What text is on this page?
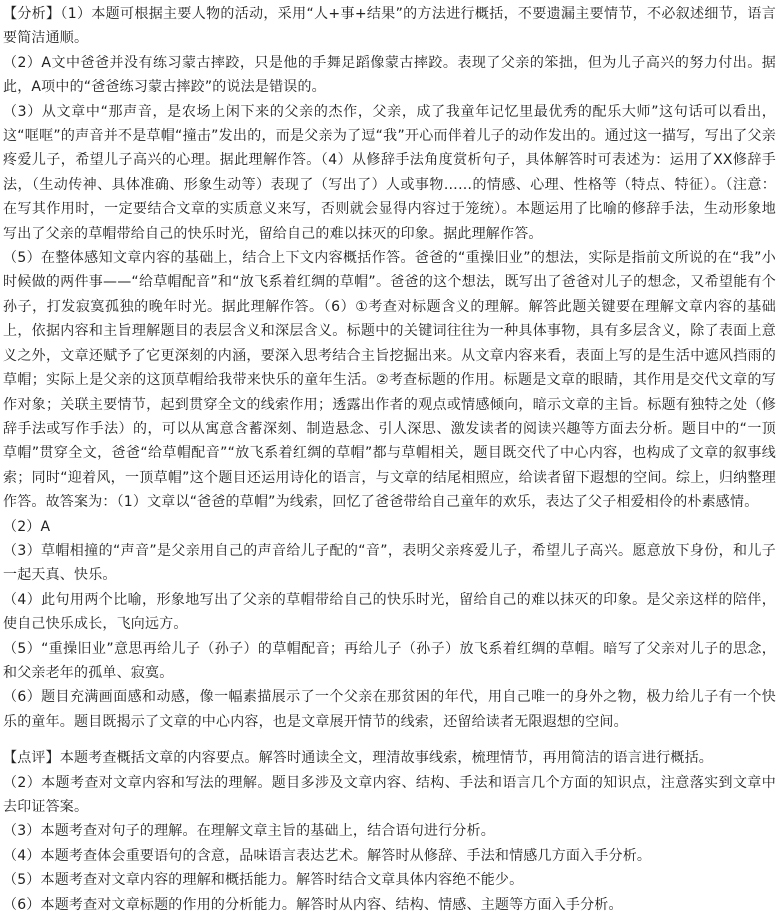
【分析】（1）本题可根据主要人物的活动，采用“人+事+结果”的方法进行概括，不要遗漏主要情节，不必叙述细节，语言要简洁通顺。

（2）A文中爸爸并没有练习蒙古摔跤，只是他的手舞足蹈像蒙古摔跤。表现了父亲的笨拙，但为儿子高兴的努力付出。据此，A项中的“爸爸练习蒙古摔跤”的说法是错误的。

（3）从文章中“那声音，是农场上闲下来的父亲的杰作，父亲，成了我童年记忆里最优秀的配乐大师”这句话可以看出，这“哐哐”的声音并不是草帽“撞击”发出的，而是父亲为了逗“我”开心而伴着儿子的动作发出的。通过这一描写，写出了父亲疼爱儿子，希望儿子高兴的心理。据此理解作答。（4）从修辞手法角度赏析句子，具体解答时可表述为：运用了XX修辞手法，（生动传神、具体准确、形象生动等）表现了（写出了）人或事物……的情感、心理、性格等（特点、特征）。（注意：在写其作用时，一定要结合文章的实质意义来写，否则就会显得内容过于笼统）。本题运用了比喻的修辞手法，生动形象地写出了父亲的草帽带给自己的快乐时光，留给自己的难以抹灭的印象。据此理解作答。

（5）在整体感知文章内容的基础上，结合上下文内容概括作答。爸爸的“重操旧业”的想法，实际是指前文所说的在“我”小时候做的两件事——“给草帽配音”和“放飞系着红绸的草帽”。爸爸的这个想法，既写出了爸爸对儿子的想念，又希望能有个孙子，打发寂寞孤独的晚年时光。据此理解作答。（6）①考查对标题含义的理解。解答此题关键要在理解文章内容的基础上，依据内容和主旨理解题目的表层含义和深层含义。标题中的关键词往往为一种具体事物，具有多层含义，除了表面上意义之外，文章还赋予了它更深刻的内涵，要深入思考结合主旨挖掘出来。从文章内容来看，表面上写的是生活中遮风挡雨的草帽；实际上是父亲的这顶草帽给我带来快乐的童年生活。②考查标题的作用。标题是文章的眼睛，其作用是交代文章的写作对象；关联主要情节，起到贯穿全文的线索作用；透露出作者的观点或情感倾向，暗示文章的主旨。标题有独特之处（修辞手法或写作手法）的，可以从寓意含蓄深刻、制造悬念、引人深思、激发读者的阅读兴趣等方面去分析。题目中的“一顶草帽”贯穿全文，爸爸“给草帽配音”“放飞系着红绸的草帽”都与草帽相关，题目既交代了中心内容，也构成了文章的叙事线索；同时“迎着风，一顶草帽”这个题目还运用诗化的语言，与文章的结尾相照应，给读者留下遐想的空间。综上，归纳整理作答。故答案为：（1）文章以“爸爸的草帽”为线索，回忆了爸爸带给自己童年的欢乐，表达了父子相爱相伶的朴素感情。

（2）A

（3）草帽相撞的“声音”是父亲用自己的声音给儿子配的“音”，表明父亲疼爱儿子，希望儿子高兴。愿意放下身份，和儿子一起天真、快乐。

（4）此句用两个比喻，形象地写出了父亲的草帽带给自己的快乐时光，留给自己的难以抹灭的印象。是父亲这样的陪伴，使自己快乐成长，飞向远方。

（5）“重操旧业”意思再给儿子（孙子）的草帽配音；再给儿子（孙子）放飞系着红绸的草帽。暗写了父亲对儿子的思念，和父亲老年的孤单、寂寞。

（6）题目充满画面感和动感，像一幅素描展示了一个父亲在那贫困的年代，用自己唯一的身外之物，极力给儿子有一个快乐的童年。题目既揭示了文章的中心内容，也是文章展开情节的线索，还留给读者无限遐想的空间。

【点评】本题考查概括文章的内容要点。解答时通读全文，理清故事线索，梳理情节，再用简洁的语言进行概括。

（2）本题考查对文章内容和写法的理解。题目多涉及文章内容、结构、手法和语言几个方面的知识点，注意落实到文章中去印证答案。

（3）本题考查对句子的理解。在理解文章主旨的基础上，结合语句进行分析。

（4）本题考查体会重要语句的含意，品味语言表达艺术。解答时从修辞、手法和情感几方面入手分析。

（5）本题考查对文章内容的理解和概括能力。解答时结合文章具体内容绝不能少。

（6）本题考查对文章标题的作用的分析能力。解答时从内容、结构、情感、主题等方面入手分析。
